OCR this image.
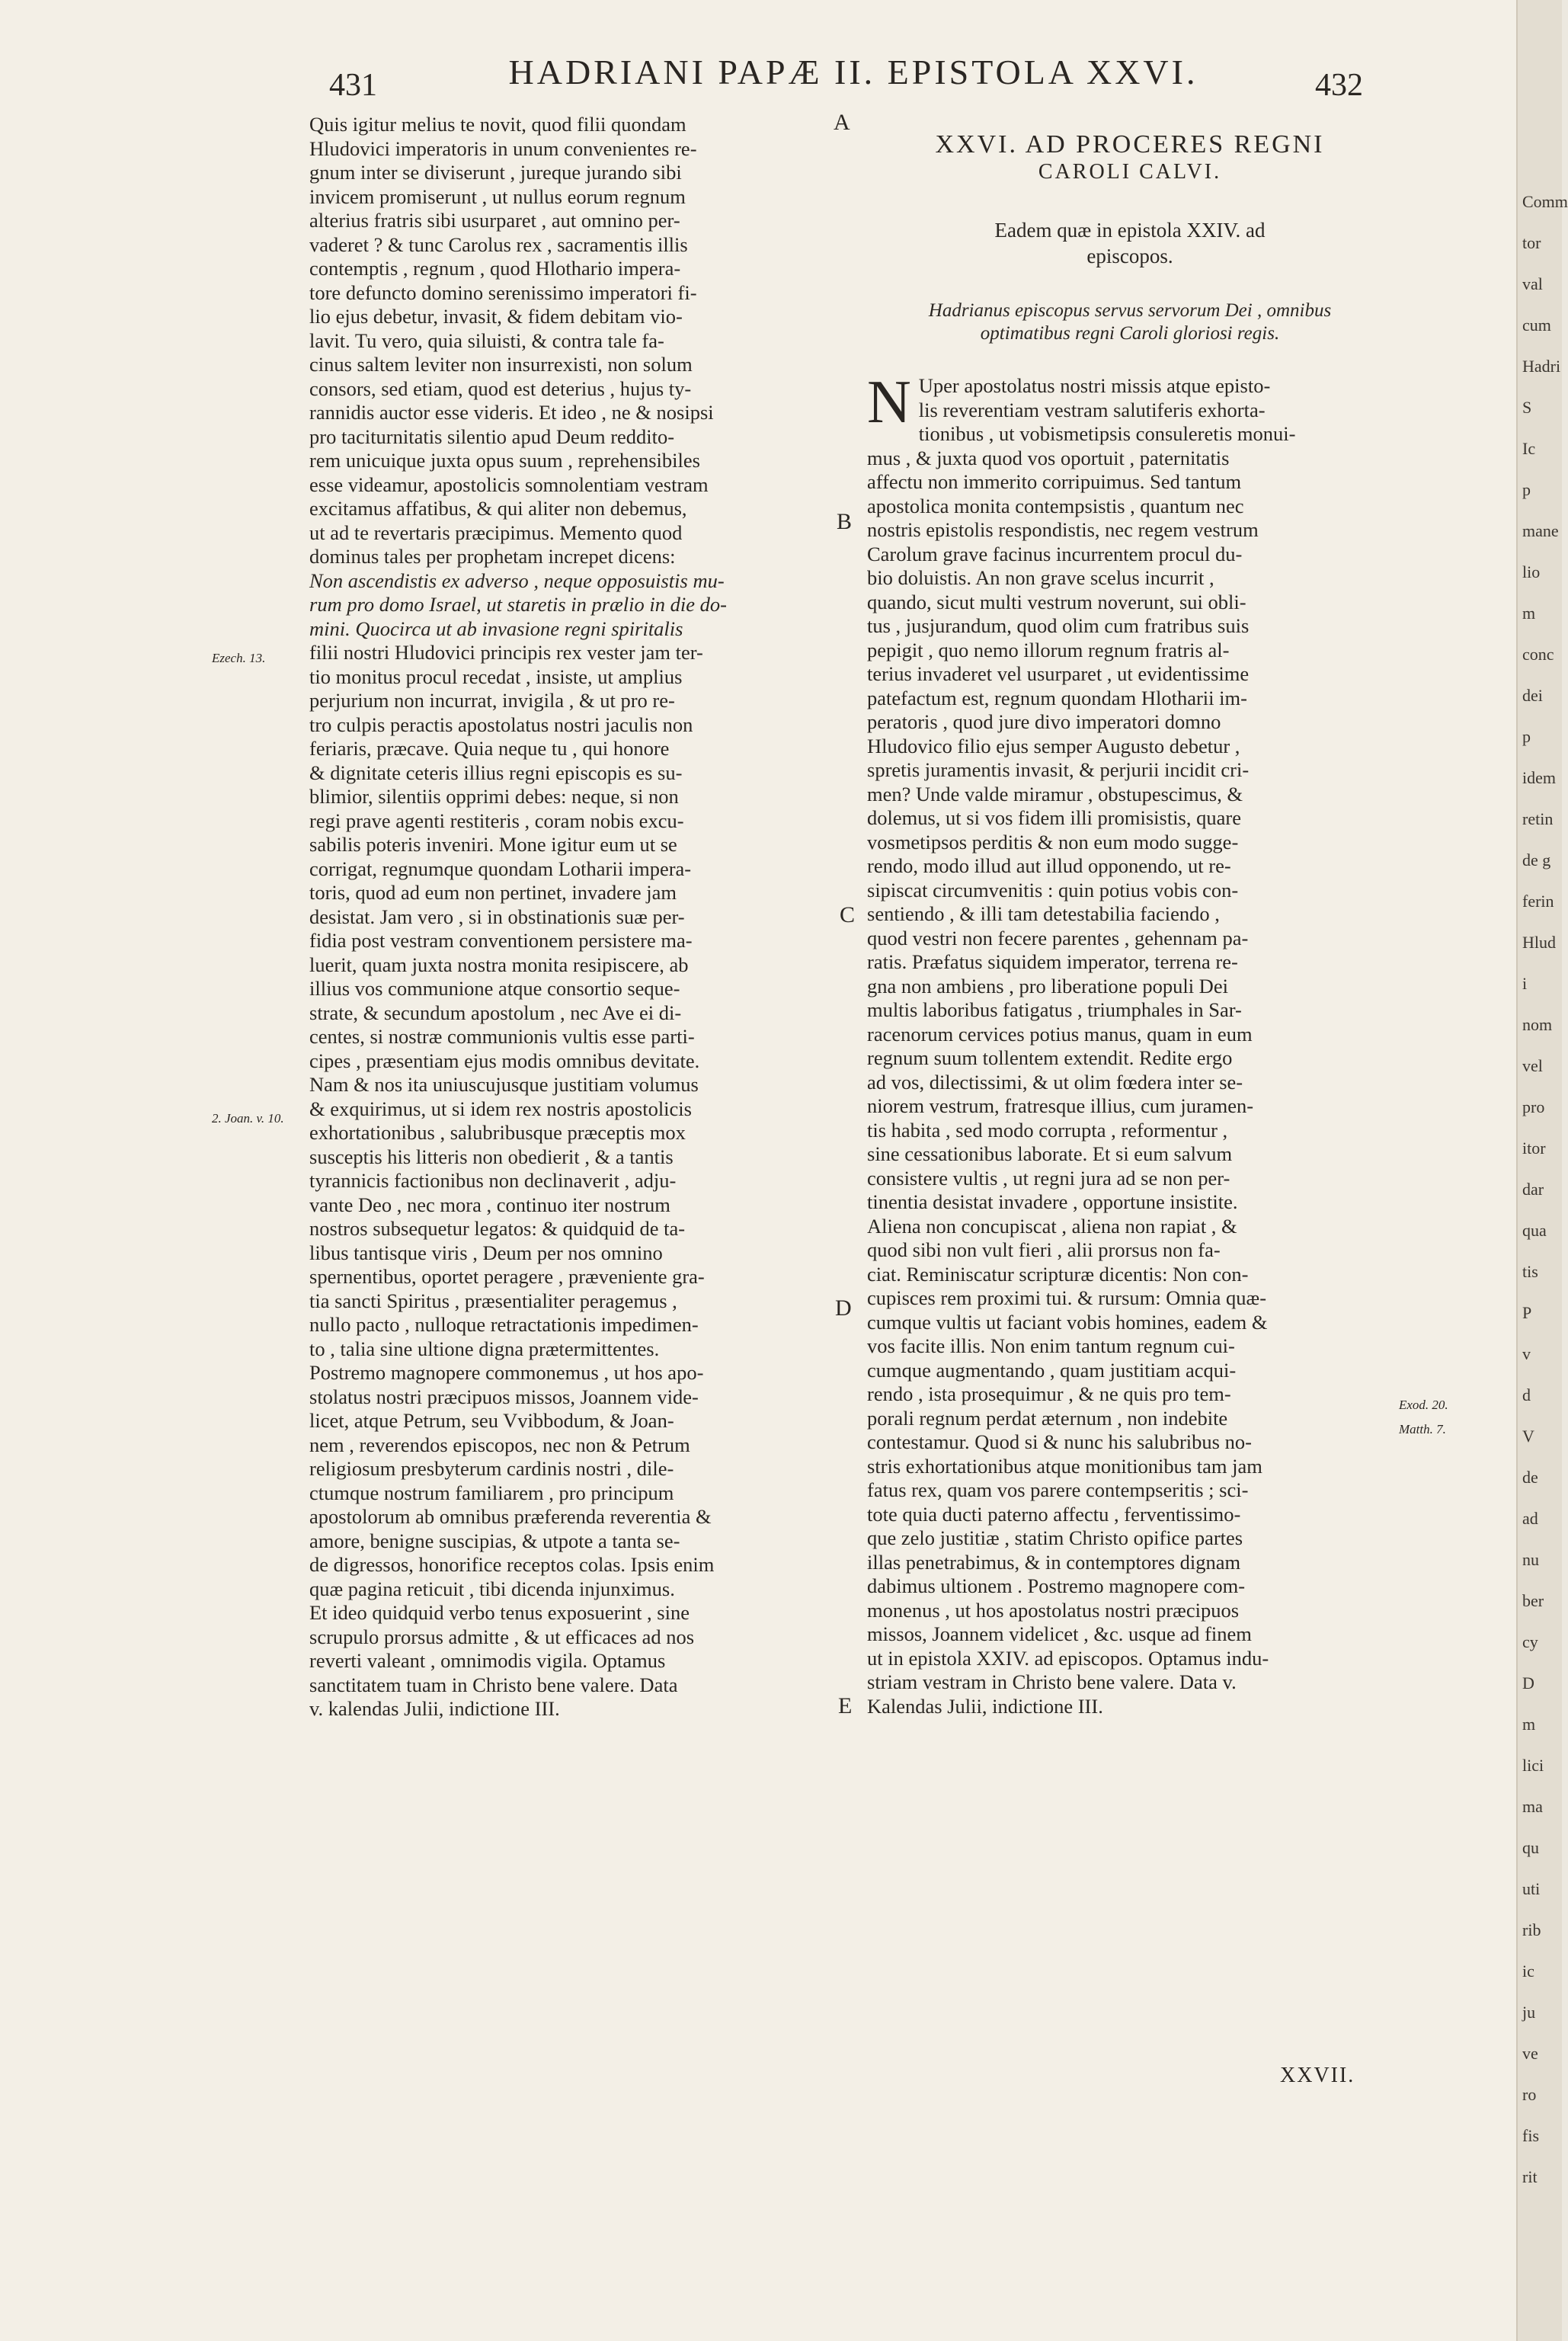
431	HADRIANI PAPÆ II. EPISTOLA XXVI.	432
Quis igitur melius te novit, quod filii quondam
Hludovici imperatoris in unum convenientes re-
gnum inter se diviserunt , jureque jurando sibi
invicem promiserunt , ut nullus eorum regnum
alterius fratris sibi usurparet , aut omnino per-
vaderet ? & tunc Carolus rex , sacramentis illis
contemptis , regnum , quod Hlothario impera-
tore defuncto domino serenissimo imperatori fi-
lio ejus debetur, invasit, & fidem debitam vio-
lavit. Tu vero, quia siluisti, & contra tale fa-
cinus saltem leviter non insurrexisti, non solum
consors, sed etiam, quod est deterius , hujus ty-
rannidis auctor esse videris. Et ideo , ne & nosipsi
pro taciturnitatis silentio apud Deum reddito-
rem unicuique juxta opus suum , reprehensibiles
esse videamur, apostolicis somnolentiam vestram
excitamus affatibus, & qui aliter non debemus,
ut ad te revertaris præcipimus. Memento quod
dominus tales per prophetam increpet dicens:
Non ascendistis ex adverso , neque opposuistis mu-
rum pro domo Israel, ut staretis in prælio in die do-
mini. Quocirca ut ab invasione regni spiritalis
filii nostri Hludovici principis rex vester jam ter-
tio monitus procul recedat , insiste, ut amplius
perjurium non incurrat, invigila , & ut pro re-
tro culpis peractis apostolatus nostri jaculis non
feriaris, præcave. Quia neque tu , qui honore
& dignitate ceteris illius regni episcopis es su-
blimior, silentiis opprimi debes: neque, si non
regi prave agenti restiteris , coram nobis excu-
sabilis poteris inveniri. Mone igitur eum ut se
corrigat, regnumque quondam Lotharii impera-
toris, quod ad eum non pertinet, invadere jam
desistat. Jam vero , si in obstinationis suæ per-
fidia post vestram conventionem persistere ma-
luerit, quam juxta nostra monita resipiscere, ab
illius vos communione atque consortio seque-
strate, & secundum apostolum , nec Ave ei di-
centes, si nostræ communionis vultis esse parti-
cipes , præsentiam ejus modis omnibus devitate.
Nam & nos ita uniuscujusque justitiam volumus
& exquirimus, ut si idem rex nostris apostolicis
exhortationibus , salubribusque præceptis mox
susceptis his litteris non obedierit , & a tantis
tyrannicis factionibus non declinaverit , adju-
vante Deo , nec mora , continuo iter nostrum
nostros subsequetur legatos: & quidquid de ta-
libus tantisque viris , Deum per nos omnino
spernentibus, oportet peragere , præveniente gra-
tia sancti Spiritus , præsentialiter peragemus ,
nullo pacto , nulloque retractationis impedimen-
to , talia sine ultione digna prætermittentes.
Postremo magnopere commonemus , ut hos apo-
stolatus nostri præcipuos missos, Joannem vide-
licet, atque Petrum, seu Vvibbodum, & Joan-
nem , reverendos episcopos, nec non & Petrum
religiosum presbyterum cardinis nostri , dile-
ctumque nostrum familiarem , pro principum
apostolorum ab omnibus præferenda reverentia &
amore, benigne suscipias, & utpote a tanta se-
de digressos, honorifice receptos colas. Ipsis enim
quæ pagina reticuit , tibi dicenda injunximus.
Et ideo quidquid verbo tenus exposuerint , sine
scrupulo prorsus admitte , & ut efficaces ad nos
reverti valeant , omnimodis vigila. Optamus
sanctitatem tuam in Christo bene valere. Data
v. kalendas Julii, indictione III.
XXVI. AD PROCERES REGNI
CAROLI CALVI.
Eadem quæ in epistola XXIV. ad
episcopos.
Hadrianus episcopus servus servorum Dei , omnibus
optimatibus regni Caroli gloriosi regis.
N Uper apostolatus nostri missis atque episto-
lis reverentiam vestram salutiferis exhorta-
tionibus , ut vobismetipsis consuleretis monui-
mus , & juxta quod vos oportuit , paternitatis
affectu non immerito corripuimus. Sed tantum
apostolica monita contempsistis , quantum nec
nostris epistolis respondistis, nec regem vestrum
Carolum grave facinus incurrentem procul du-
bio doluistis. An non grave scelus incurrit ,
quando, sicut multi vestrum noverunt, sui obli-
tus , jusjurandum, quod olim cum fratribus suis
pepigit , quo nemo illorum regnum fratris al-
terius invaderet vel usurparet , ut evidentissime
patefactum est, regnum quondam Hlotharii im-
peratoris , quod jure divo imperatori domno
Hludovico filio ejus semper Augusto debetur ,
spretis juramentis invasit, & perjurii incidit cri-
men? Unde valde miramur , obstupescimus, &
dolemus, ut si vos fidem illi promisistis, quare
vosmetipsos perditis & non eum modo sugge-
rendo, modo illud aut illud opponendo, ut re-
sipiscat circumvenitis : quin potius vobis con-
sentiendo , & illi tam detestabilia faciendo ,
quod vestri non fecere parentes , gehennam pa-
ratis. Præfatus siquidem imperator, terrena re-
gna non ambiens , pro liberatione populi Dei
multis laboribus fatigatus , triumphales in Sar-
racenorum cervices potius manus, quam in eum
regnum suum tollentem extendit. Redite ergo
ad vos, dilectissimi, & ut olim fœdera inter se-
niorem vestrum, fratresque illius, cum juramen-
tis habita , sed modo corrupta , reformentur ,
sine cessationibus laborate. Et si eum salvum
consistere vultis , ut regni jura ad se non per-
tinentia desistat invadere , opportune insistite.
Aliena non concupiscat , aliena non rapiat , &
quod sibi non vult fieri , alii prorsus non fa-
ciat. Reminiscatur scripturæ dicentis: Non con-
cupisces rem proximi tui. & rursum: Omnia quæ-
cumque vultis ut faciant vobis homines, eadem &
vos facite illis. Non enim tantum regnum cui-
cumque augmentando , quam justitiam acqui-
rendo , ista prosequimur , & ne quis pro tem-
porali regnum perdat æternum , non indebite
contestamur. Quod si & nunc his salubribus no-
stris exhortationibus atque monitionibus tam jam
fatus rex, quam vos parere contempseritis ; sci-
tote quia ducti paterno affectu , ferventissimo-
que zelo justitiæ , statim Christo opifice partes
illas penetrabimus, & in contemptores dignam
dabimus ultionem . Postremo magnopere com-
monenus , ut hos apostolatus nostri præcipuos
missos, Joannem videlicet , &c. usque ad finem
ut in epistola XXIV. ad episcopos. Optamus indu-
striam vestram in Christo bene valere. Data v.
Kalendas Julii, indictione III.
A
B
C
D
E
Ezech. 13.
2. Joan. v. 10.
Exod. 20.
Matth. 7.
XXVII.
Comm
tor
val
cum
Hadri
S
Ic
p
mane
lio
m
conc
dei
p
idem
retin
de g
ferin
Hlud
i
nom
vel
pro
itor
dar
qua
tis
P
v
d
V
de
ad
nu
ber
cy
D
m
lici
ma
qu
uti
rib
ic
ju
ve
ro
fis
rit
